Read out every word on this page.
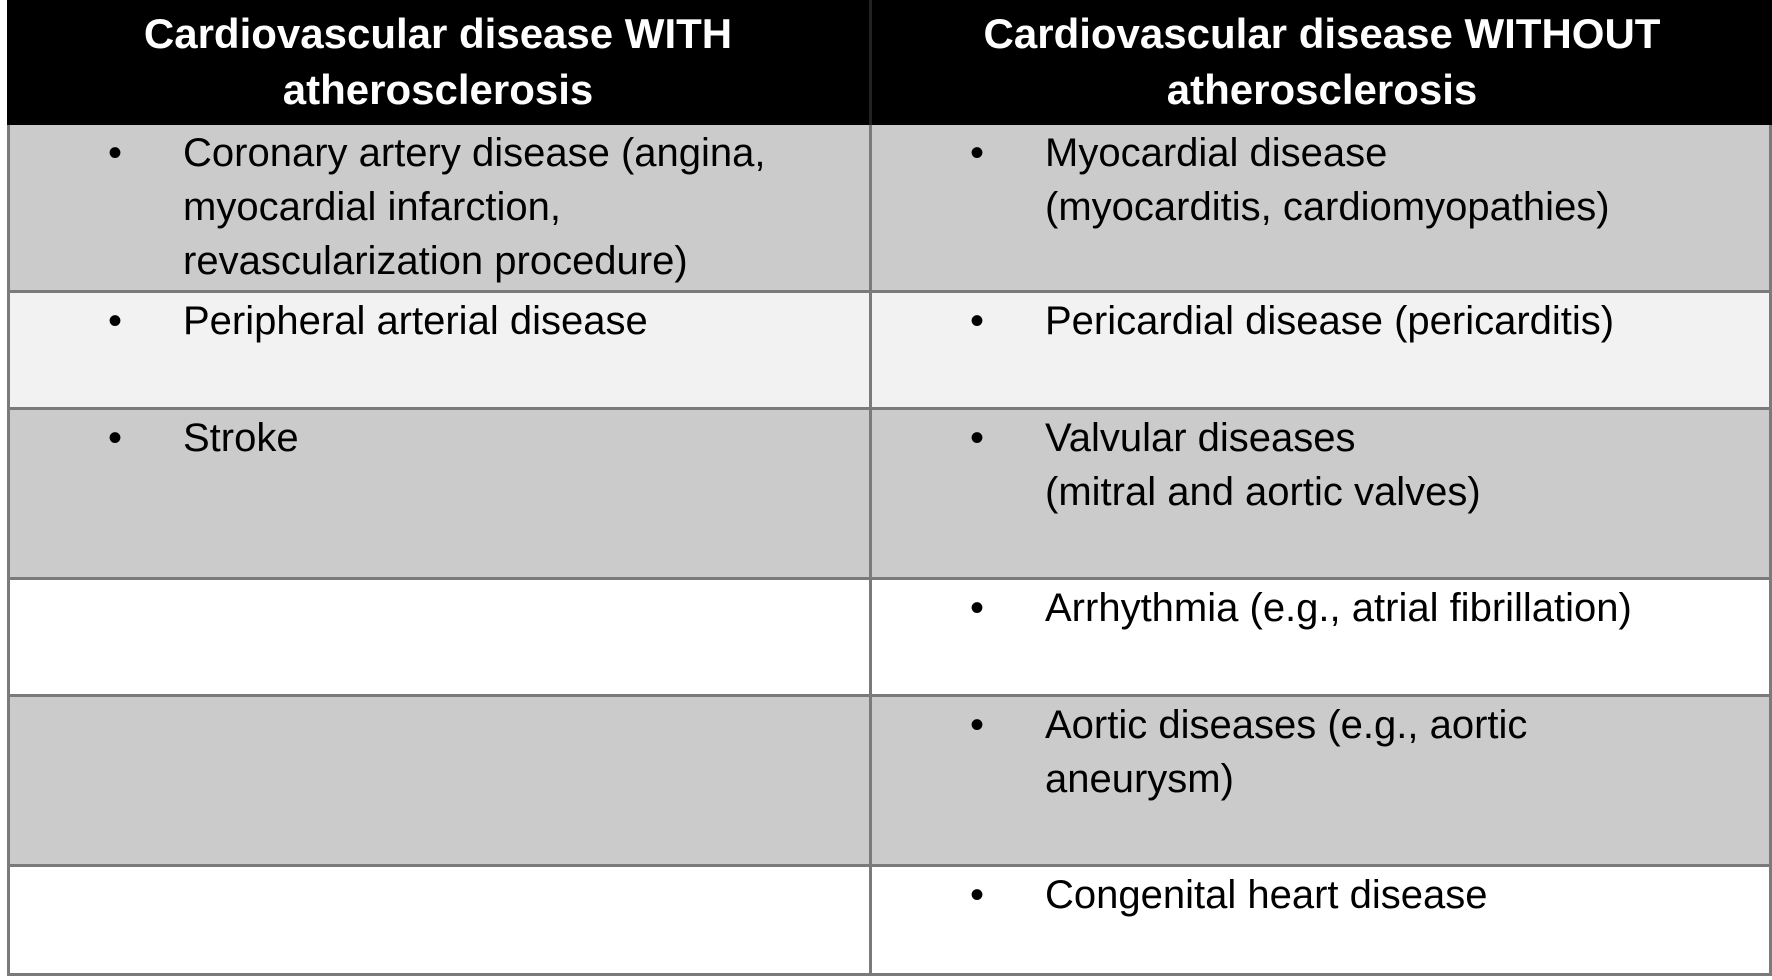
Cardiovascular disease WITH
atherosclerosis
Cardiovascular disease WITHOUT
atherosclerosis
• Coronary artery disease (angina,
myocardial infarction,
revascularization procedure)
• Myocardial disease
(myocarditis, cardiomyopathies)
• Peripheral arterial disease	• Pericardial disease (pericarditis)
• Stroke	• Valvular diseases
(mitral and aortic valves)
• Arrhythmia (e.g., atrial fibrillation)
• Aortic diseases (e.g., aortic
aneurysm)
• Congenital heart disease
